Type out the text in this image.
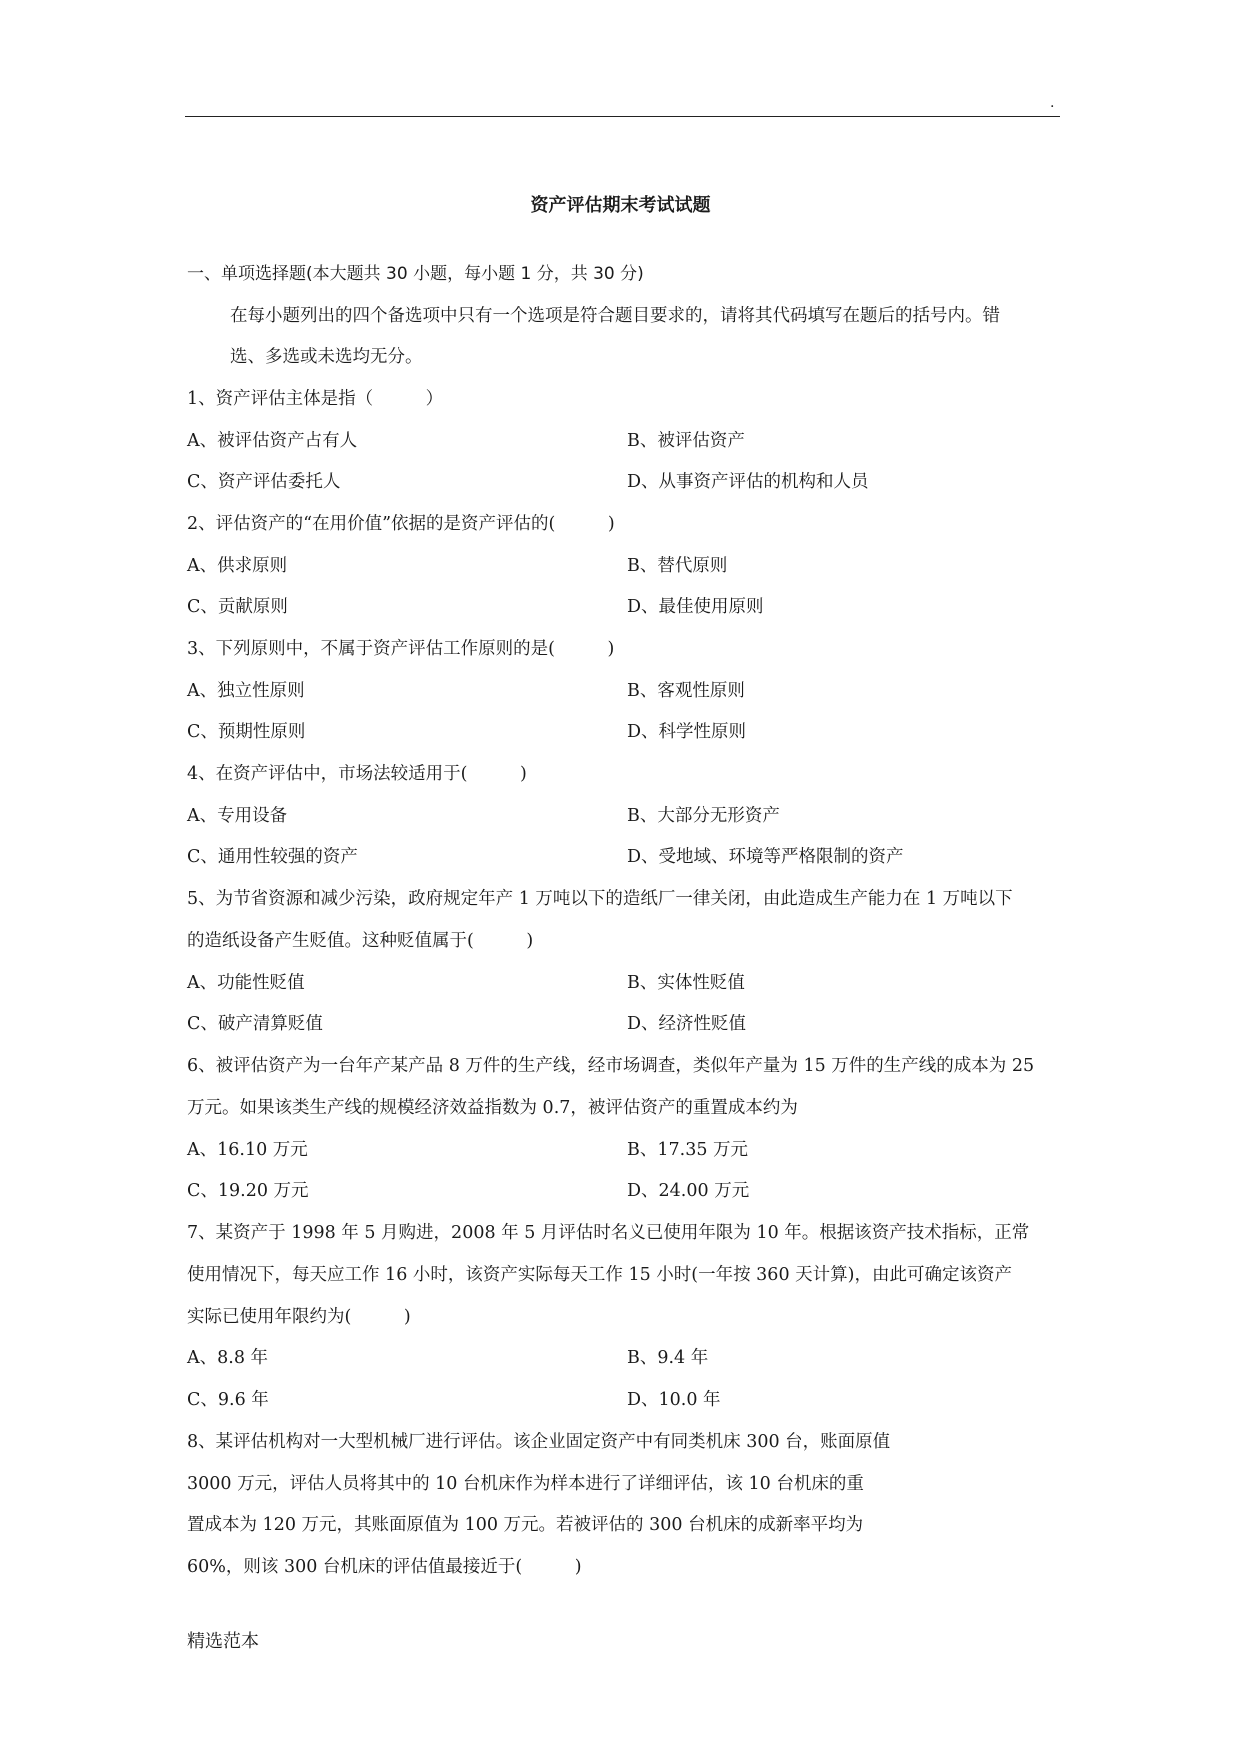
.
资产评估期末考试试题
一、单项选择题(本大题共 30 小题，每小题 1 分，共 30 分)
在每小题列出的四个备选项中只有一个选项是符合题目要求的，请将其代码填写在题后的括号内。错
选、多选或未选均无分。
1、资产评估主体是指（　　　）
A、被评估资产占有人	B、被评估资产
C、资产评估委托人	D、从事资产评估的机构和人员
2、评估资产的“在用价值”依据的是资产评估的(　　　)
A、供求原则	B、替代原则
C、贡献原则	D、最佳使用原则
3、下列原则中，不属于资产评估工作原则的是(　　　)
A、独立性原则	B、客观性原则
C、预期性原则	D、科学性原则
4、在资产评估中，市场法较适用于(　　　)
A、专用设备	B、大部分无形资产
C、通用性较强的资产	D、受地域、环境等严格限制的资产
5、为节省资源和减少污染，政府规定年产 1 万吨以下的造纸厂一律关闭，由此造成生产能力在 1 万吨以下
的造纸设备产生贬值。这种贬值属于(　　　)
A、功能性贬值	B、实体性贬值
C、破产清算贬值	D、经济性贬值
6、被评估资产为一台年产某产品 8 万件的生产线，经市场调查，类似年产量为 15 万件的生产线的成本为 25
万元。如果该类生产线的规模经济效益指数为 0.7，被评估资产的重置成本约为
A、16.10 万元	B、17.35 万元
C、19.20 万元	D、24.00 万元
7、某资产于 1998 年 5 月购进，2008 年 5 月评估时名义已使用年限为 10 年。根据该资产技术指标，正常
使用情况下，每天应工作 16 小时，该资产实际每天工作 15 小时(一年按 360 天计算)，由此可确定该资产
实际已使用年限约为(　　　)
A、8.8 年	B、9.4 年
C、9.6 年	D、10.0 年
8、某评估机构对一大型机械厂进行评估。该企业固定资产中有同类机床 300 台，账面原值
3000 万元，评估人员将其中的 10 台机床作为样本进行了详细评估，该 10 台机床的重
置成本为 120 万元，其账面原值为 100 万元。若被评估的 300 台机床的成新率平均为
60%，则该 300 台机床的评估值最接近于(　　　)
精选范本
